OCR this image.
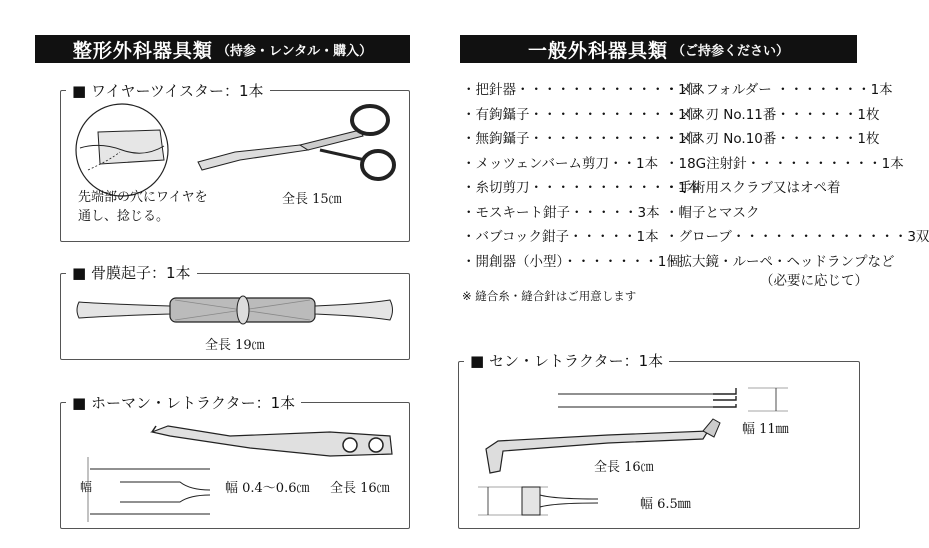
整形外科器具類 （持参・レンタル・購入）	一般外科器具類 （ご持参ください）
■ ワイヤーツイスター：1本
先端部の穴にワイヤを
通し、捻じる。
全長 15㎝
■ 骨膜起子：1本
全長 19㎝
■ ホーマン・レトラクター：1本
幅	幅 0.4～0.6㎝ 全長 16㎝
・把針器・・・・・・・・・・・・1個
・有鉤鑷子・・・・・・・・・・・1個
・無鉤鑷子・・・・・・・・・・・1個
・メッツェンバーム剪刀・・1本
・糸切剪刀・・・・・・・・・・・1本
・モスキート鉗子・・・・・3本
・バブコック鉗子・・・・・1本
・開創器（小型）・・・・・・・1個
・メスフォルダー ・・・・・・・1本
・メス刃 No.11番・・・・・・1枚
・メス刃 No.10番・・・・・・1枚
・18G注射針・・・・・・・・・・1本
・手術用スクラブ又はオペ着
・帽子とマスク
・グローブ・・・・・・・・・・・・・3双
・拡大鏡・ルーペ・ヘッドランプなど
（必要に応じて）
※ 縫合糸・縫合針はご用意します
■ セン・レトラクター：1本
幅 11㎜
全長 16㎝
幅 6.5㎜
